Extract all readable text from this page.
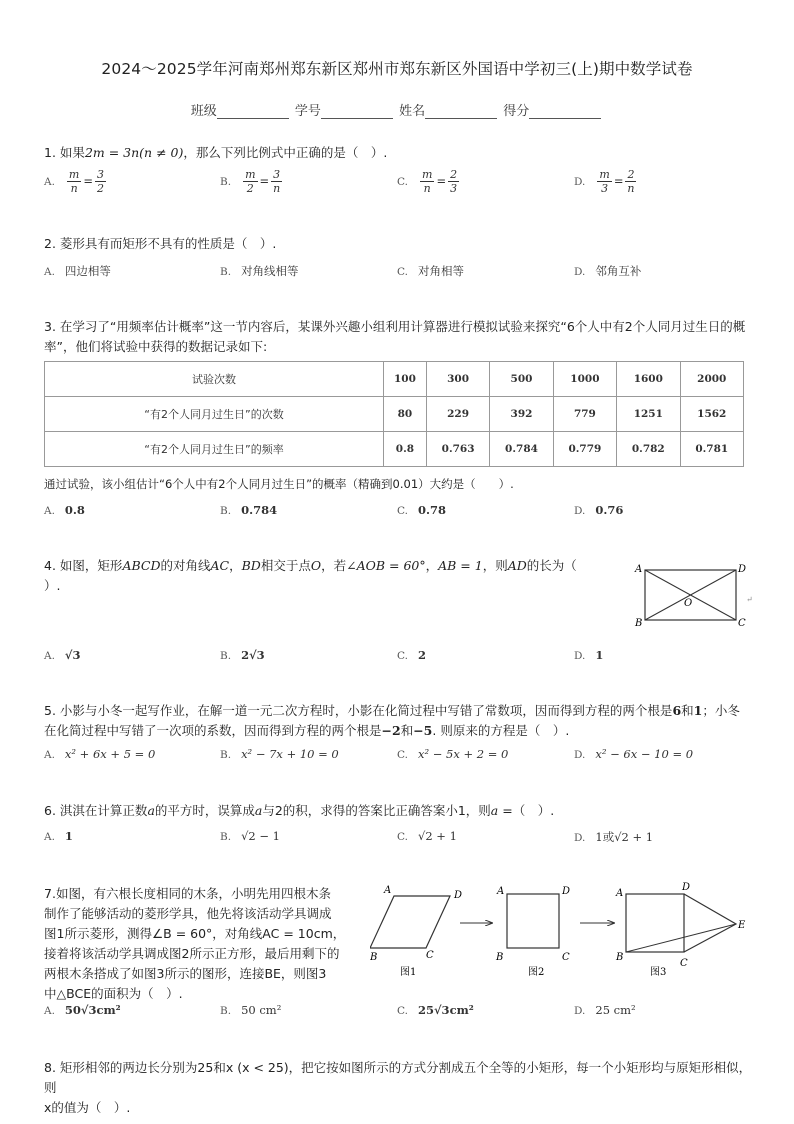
2024～2025学年河南郑州郑东新区郑州市郑东新区外国语中学初三(上)期中数学试卷
班级	学号	姓名	得分
1. 如果2m = 3n(n ≠ 0)，那么下列比例式中正确的是（　）.
A. $\frac{m}{n} = \frac{3}{2}$	B. $\frac{m}{2} = \frac{3}{n}$	C. $\frac{m}{n} = \frac{2}{3}$	D. $\frac{m}{3} = \frac{2}{n}$
2. 菱形具有而矩形不具有的性质是（　）.
A. 四边相等	B. 对角线相等	C. 对角相等	D. 邻角互补
3. 在学习了“用频率估计概率”这一节内容后，某课外兴趣小组利用计算器进行模拟试验来探究“6个人中有2个人同月过生日的概率”，他们将试验中获得的数据记录如下:
试验次数	100	300	500	1000	1600	2000
“有2个人同月过生日”的次数	80	229	392	779	1251	1562
“有2个人同月过生日”的频率	0.8	0.763	0.784	0.779	0.782	0.781
通过试验，该小组估计“6个人中有2个人同月过生日”的概率（精确到0.01）大约是（　　）.
A. 0.8	B. 0.784	C. 0.78	D. 0.76
4. 如图，矩形ABCD的对角线AC，BD相交于点O，若∠AOB = 60°，AB = 1，则AD的长为（
）.
A	D
B	C
O	↵
A. √3	B. 2√3	C. 2	D. 1
5. 小影与小冬一起写作业，在解一道一元二次方程时，小影在化简过程中写错了常数项，因而得到方程的两个根是6和1；小冬在化简过程中写错了一次项的系数，因而得到方程的两个根是−2和−5. 则原来的方程是（　）.
A. x² + 6x + 5 = 0	B. x² − 7x + 10 = 0	C. x² − 5x + 2 = 0	D. x² − 6x − 10 = 0
6. 淇淇在计算正数a的平方时，误算成a与2的积，求得的答案比正确答案小1，则a =（　）.
A. 1	B. √2 − 1	C. √2 + 1	D. 1或√2 + 1
7.如图，有六根长度相同的木条，小明先用四根木条
制作了能够活动的菱形学具，他先将该活动学具调成
图1所示菱形，测得∠B = 60°，对角线AC = 10cm，
接着将该活动学具调成图2所示正方形，最后用剩下的
两根木条搭成了如图3所示的图形，连接BE，则图3
中△BCE的面积为（　）.
A	D
B	C
图1
A	D
B	C
图2
A
D
B
C
E
图3
A. 50√3cm²	B. 50 cm²	C. 25√3cm²	D. 25 cm²
8. 矩形相邻的两边长分别为25和x (x < 25)，把它按如图所示的方式分割成五个全等的小矩形，每一个小矩形均与原矩形相似，则
x的值为（　）.
